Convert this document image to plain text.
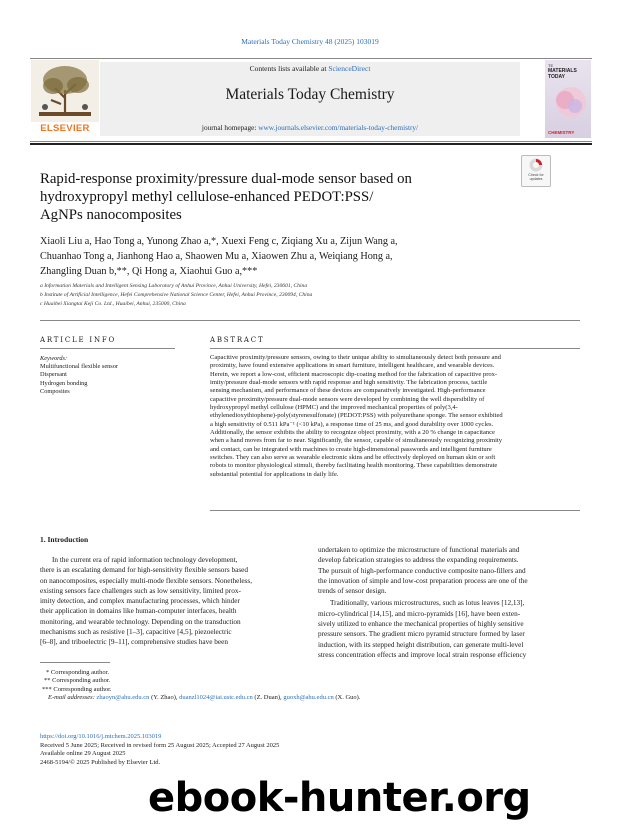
Materials Today Chemistry 48 (2025) 103019
ELSEVIER
Contents lists available at ScienceDirect
Materials Today Chemistry
journal homepage: www.journals.elsevier.com/materials-today-chemistry/
TE
MATERIALS TODAY
CHEMISTRY
Rapid-response proximity/pressure dual-mode sensor based on
hydroxypropyl methyl cellulose-enhanced PEDOT:PSS/
AgNPs nanocomposites
Check for updates
Xiaoli Liu a, Hao Tong a, Yunong Zhao a,*, Xuexi Feng c, Ziqiang Xu a, Zijun Wang a,
Chuanhao Tong a, Jianhong Hao a, Shaowen Mu a, Xiaowen Zhu a, Weiqiang Hong a,
Zhangling Duan b,**, Qi Hong a, Xiaohui Guo a,***
a Information Materials and Intelligent Sensing Laboratory of Anhui Province, Anhui University, Hefei, 230601, China
b Institute of Artificial Intelligence, Hefei Comprehensive National Science Center, Hefei, Anhui Province, 230094, China
c Huaibei Xiangtai Keji Co. Ltd., Huaibei, Anhui, 235000, China
ARTICLE INFO	ABSTRACT
Keywords:
Multifunctional flexible sensor
Dispersant
Hydrogen bonding
Composites
Capacitive proximity/pressure sensors, owing to their unique ability to simultaneously detect both pressure and
proximity, have found extensive applications in smart furniture, intelligent healthcare, and wearable devices.
Herein, we report a low-cost, efficient macroscopic dip-coating method for the fabrication of capacitive prox-
imity/pressure dual-mode sensors with rapid response and high sensitivity. The fabrication process, tactile
sensing mechanism, and performance of these devices are comparatively investigated. High-performance
capacitive proximity/pressure dual-mode sensors were developed by combining the well dispersibility of
hydroxypropyl methyl cellulose (HPMC) and the improved mechanical properties of poly(3,4-
ethylenedioxythiophene)-poly(styrenesulfonate) (PEDOT:PSS) with polyurethane sponge. The sensor exhibited
a high sensitivity of 0.511 kPa⁻¹ (<10 kPa), a response time of 25 ms, and good durability over 1000 cycles.
Additionally, the sensor exhibits the ability to recognize object proximity, with a 20 % change in capacitance
when a hand moves from far to near. Significantly, the sensor, capable of simultaneously recognizing proximity
and contact, can be integrated with machines to create high-dimensional passwords and intelligent furniture
switches. They can also serve as wearable electronic skins and be effectively deployed on human skin or soft
robots to monitor physiological stimuli, thereby facilitating health monitoring. These capabilities demonstrate
substantial potential for applications in daily life.
1. Introduction
In the current era of rapid information technology development,
there is an escalating demand for high-sensitivity flexible sensors based
on nanocomposites, especially multi-mode flexible sensors. Nonetheless,
existing sensors face challenges such as low sensitivity, limited prox-
imity detection, and complex manufacturing processes, which hinder
their application in domains like human-computer interfaces, health
monitoring, and wearable technology. Depending on the transduction
mechanisms such as resistive [1–3], capacitive [4,5], piezoelectric
[6–8], and triboelectric [9–11], comprehensive studies have been
undertaken to optimize the microstructure of functional materials and
develop fabrication strategies to address the expanding requirements.
The pursuit of high-performance conductive composite nano-fillers and
the innovation of simple and low-cost preparation process are one of the
trends of sensor design.
Traditionally, various microstructures, such as lotus leaves [12,13],
micro-cylindrical [14,15], and micro-pyramids [16], have been exten-
sively utilized to enhance the mechanical properties of highly sensitive
pressure sensors. The gradient micro pyramid structure formed by laser
induction, with its stepped height distribution, can generate multi-level
stress concentration effects and improve local strain response efficiency
* Corresponding author.
** Corresponding author.
*** Corresponding author.
E-mail addresses: zhaoyn@ahu.edu.cn (Y. Zhao), duanzl1024@iai.ustc.edu.cn (Z. Duan), guoxh@ahu.edu.cn (X. Guo).
https://doi.org/10.1016/j.mtchem.2025.103019
Received 5 June 2025; Received in revised form 25 August 2025; Accepted 27 August 2025
Available online 29 August 2025
2468-5194/© 2025 Published by Elsevier Ltd.
ebook-hunter.org
